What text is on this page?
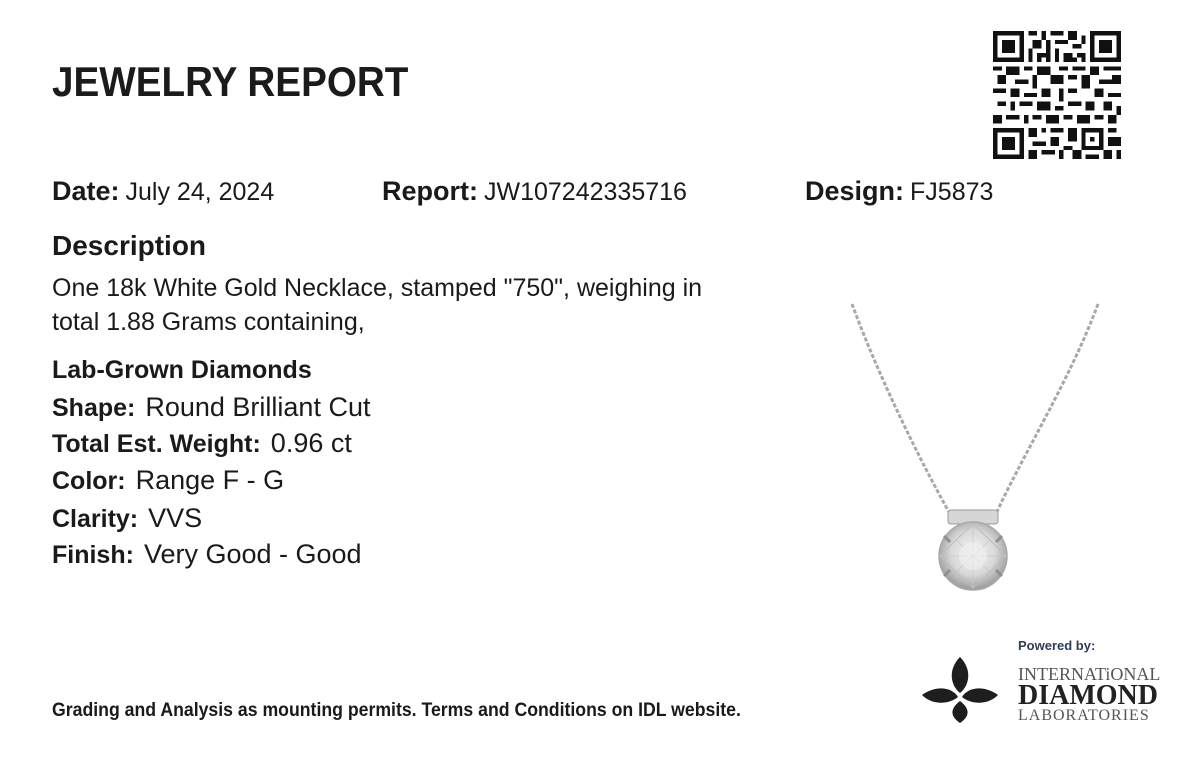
JEWELRY REPORT
Date: July 24, 2024	Report: JW107242335716	Design: FJ5873
Description
One 18k White Gold Necklace, stamped "750", weighing in
total 1.88 Grams containing,
Lab-Grown Diamonds
Shape: Round Brilliant Cut
Total Est. Weight: 0.96 ct
Color: Range F - G
Clarity: VVS
Finish: Very Good - Good
Grading and Analysis as mounting permits. Terms and Conditions on IDL website.
Powered by:
INTERNATiONAL
DIAMOND
LABORATORIES
